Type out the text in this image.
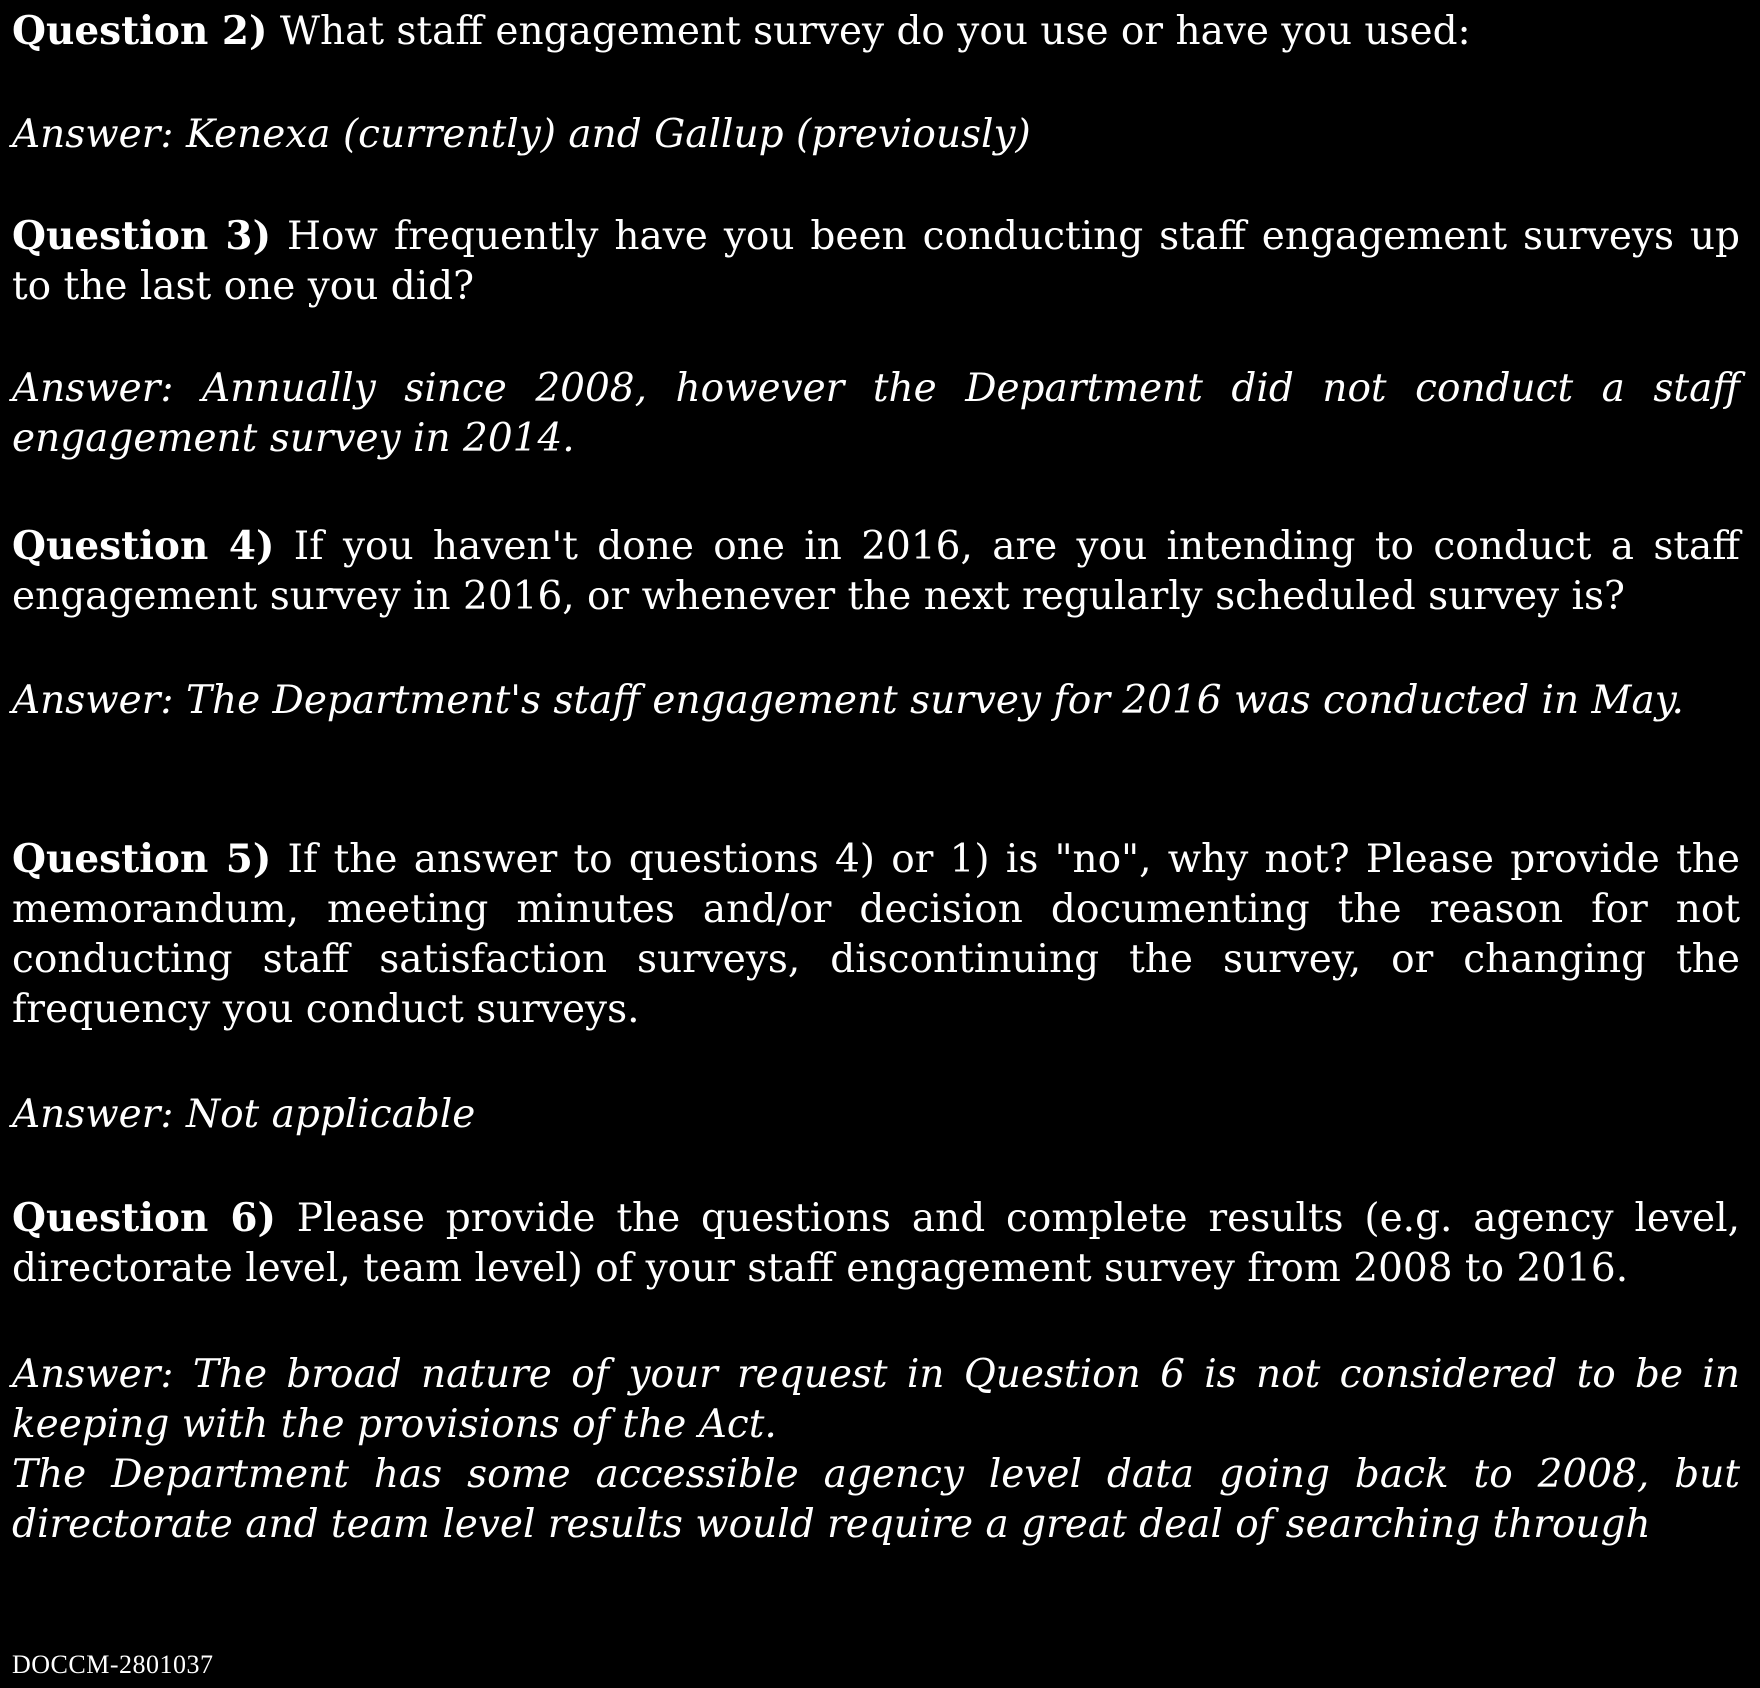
Question 2) What staff engagement survey do you use or have you used:

Answer: Kenexa (currently) and Gallup (previously)

Question 3) How frequently have you been conducting staff engagement surveys up to the last one you did?

Answer: Annually since 2008, however the Department did not conduct a staff engagement survey in 2014.

Question 4) If you haven't done one in 2016, are you intending to conduct a staff engagement survey in 2016, or whenever the next regularly scheduled survey is?

Answer: The Department's staff engagement survey for 2016 was conducted in May.

Question 5) If the answer to questions 4) or 1) is "no", why not? Please provide the memorandum, meeting minutes and/or decision documenting the reason for not conducting staff satisfaction surveys, discontinuing the survey, or changing the frequency you conduct surveys.

Answer: Not applicable

Question 6) Please provide the questions and complete results (e.g. agency level, directorate level, team level) of your staff engagement survey from 2008 to 2016.

Answer: The broad nature of your request in Question 6 is not considered to be in keeping with the provisions of the Act.

The Department has some accessible agency level data going back to 2008, but directorate and team level results would require a great deal of searching through

DOCCM-2801037
